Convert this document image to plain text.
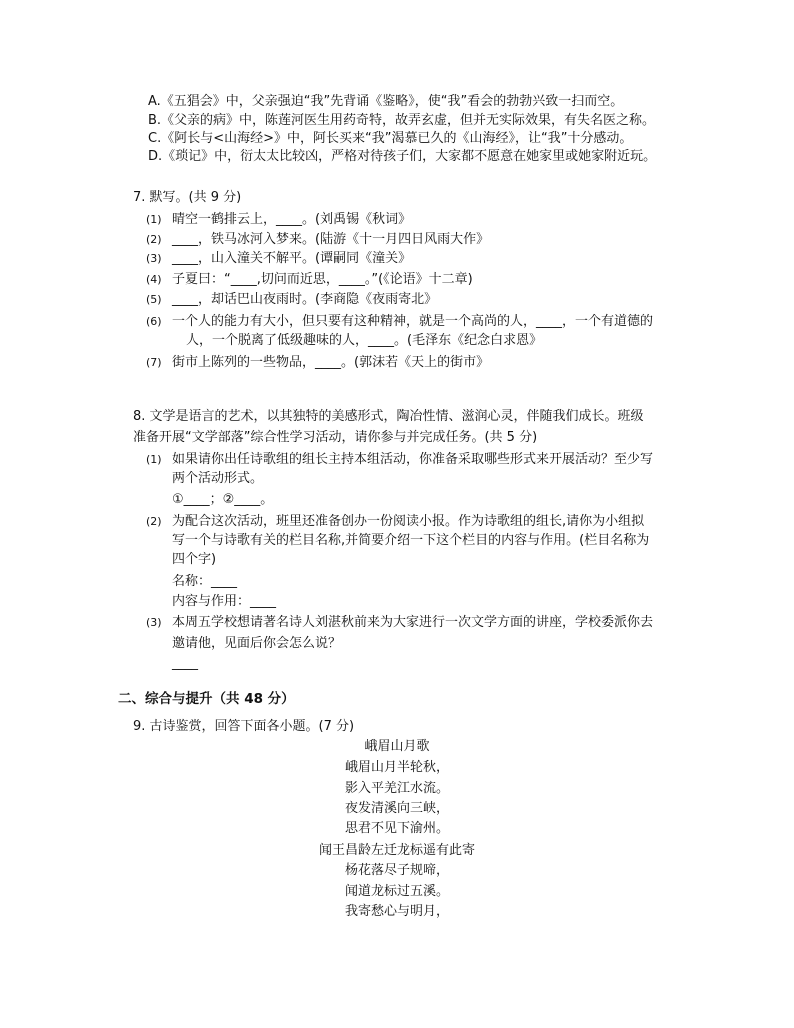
A.《五猖会》中，父亲强迫“我”先背诵《鉴略》，使“我”看会的勃勃兴致一扫而空。
B.《父亲的病》中，陈莲河医生用药奇特，故弄玄虚，但并无实际效果，有失名医之称。
C.《阿长与<山海经>》中，阿长买来“我”渴慕已久的《山海经》，让“我”十分感动。
D.《琐记》中，衍太太比较凶，严格对待孩子们，大家都不愿意在她家里或她家附近玩。
7. 默写。(共 9 分)
(1) 晴空一鹤排云上，____。(刘禹锡《秋词》
(2) ____，铁马冰河入梦来。(陆游《十一月四日风雨大作》
(3) ____，山入潼关不解平。(谭嗣同《潼关》
(4) 子夏曰：“____,切问而近思，____。”(《论语》十二章)
(5) ____，却话巴山夜雨时。(李商隐《夜雨寄北》
(6) 一个人的能力有大小，但只要有这种精神，就是一个高尚的人，____，一个有道德的
人，一个脱离了低级趣味的人，____。(毛泽东《纪念白求恩》
(7) 街市上陈列的一些物品，____。(郭沫若《天上的街市》
8. 文学是语言的艺术，以其独特的美感形式，陶冶性情、滋润心灵，伴随我们成长。班级
准备开展“文学部落”综合性学习活动，请你参与并完成任务。(共 5 分)
(1) 如果请你出任诗歌组的组长主持本组活动，你准备采取哪些形式来开展活动？至少写
两个活动形式。
①____；②____。
(2) 为配合这次活动，班里还准备创办一份阅读小报。作为诗歌组的组长,请你为小组拟
写一个与诗歌有关的栏目名称,并简要介绍一下这个栏目的内容与作用。(栏目名称为
四个字)
名称：____
内容与作用：____
(3) 本周五学校想请著名诗人刘湛秋前来为大家进行一次文学方面的讲座，学校委派你去
邀请他，见面后你会怎么说？
____
二、综合与提升（共 48 分）
9. 古诗鉴赏，回答下面各小题。(7 分)
峨眉山月歌
峨眉山月半轮秋，
影入平羌江水流。
夜发清溪向三峡，
思君不见下渝州。
闻王昌龄左迁龙标遥有此寄
杨花落尽子规啼，
闻道龙标过五溪。
我寄愁心与明月，
